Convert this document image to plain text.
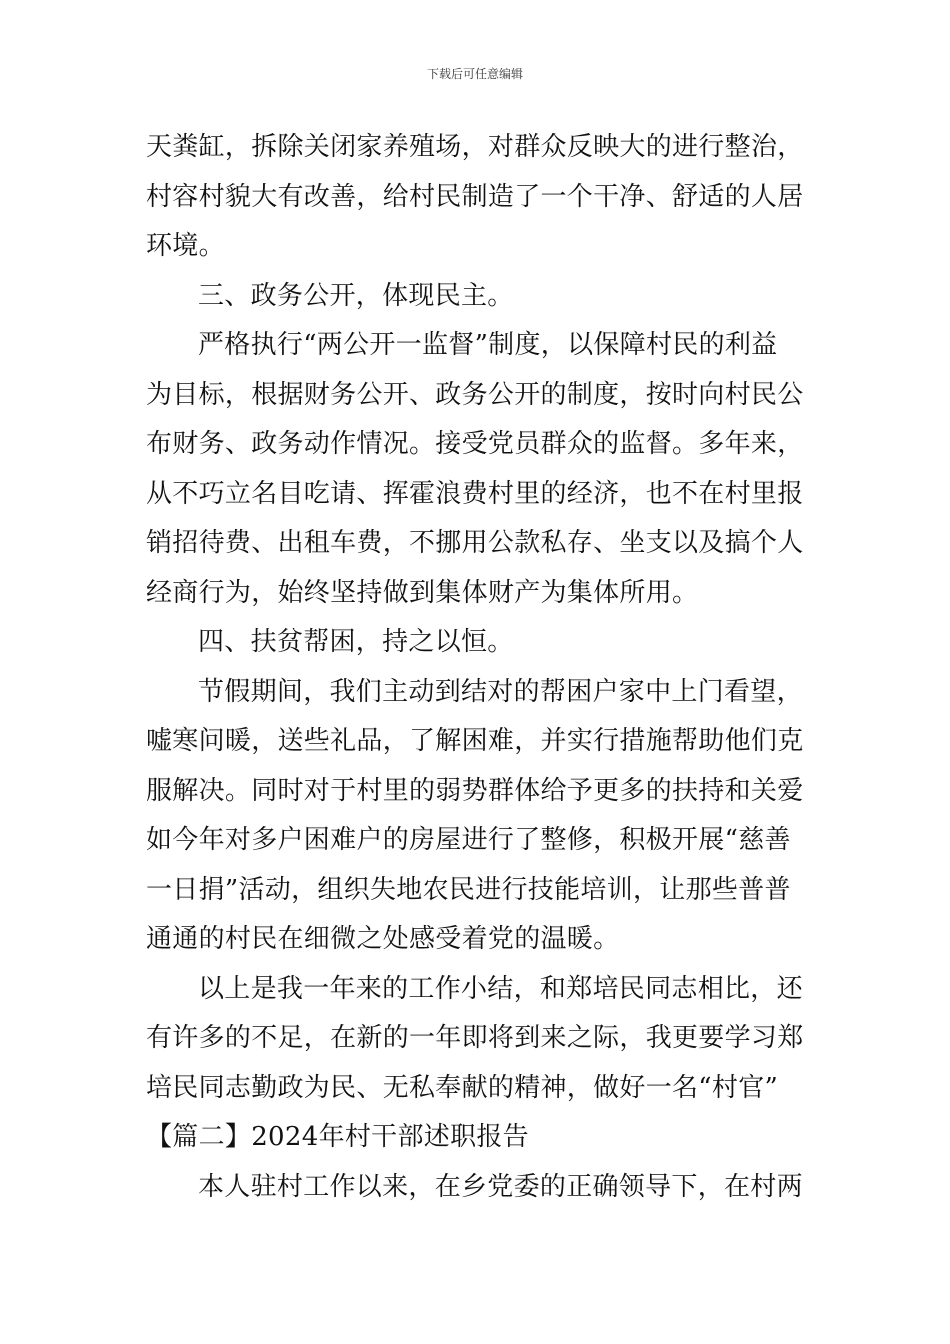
下载后可任意编辑
天粪缸，拆除关闭家养殖场，对群众反映大的进行整治，
村容村貌大有改善，给村民制造了一个干净、舒适的人居
环境。
三、政务公开，体现民主。
严格执行“两公开一监督”制度，以保障村民的利益
为目标，根据财务公开、政务公开的制度，按时向村民公
布财务、政务动作情况。接受党员群众的监督。多年来，
从不巧立名目吃请、挥霍浪费村里的经济，也不在村里报
销招待费、出租车费，不挪用公款私存、坐支以及搞个人
经商行为，始终坚持做到集体财产为集体所用。
四、扶贫帮困，持之以恒。
节假期间，我们主动到结对的帮困户家中上门看望，
嘘寒问暖，送些礼品，了解困难，并实行措施帮助他们克
服解决。同时对于村里的弱势群体给予更多的扶持和关爱
如今年对多户困难户的房屋进行了整修，积极开展“慈善
一日捐”活动，组织失地农民进行技能培训，让那些普普
通通的村民在细微之处感受着党的温暖。
以上是我一年来的工作小结，和郑培民同志相比，还
有许多的不足，在新的一年即将到来之际，我更要学习郑
培民同志勤政为民、无私奉献的精神，做好一名“村官”
【篇二】2024年村干部述职报告
本人驻村工作以来，在乡党委的正确领导下，在村两
